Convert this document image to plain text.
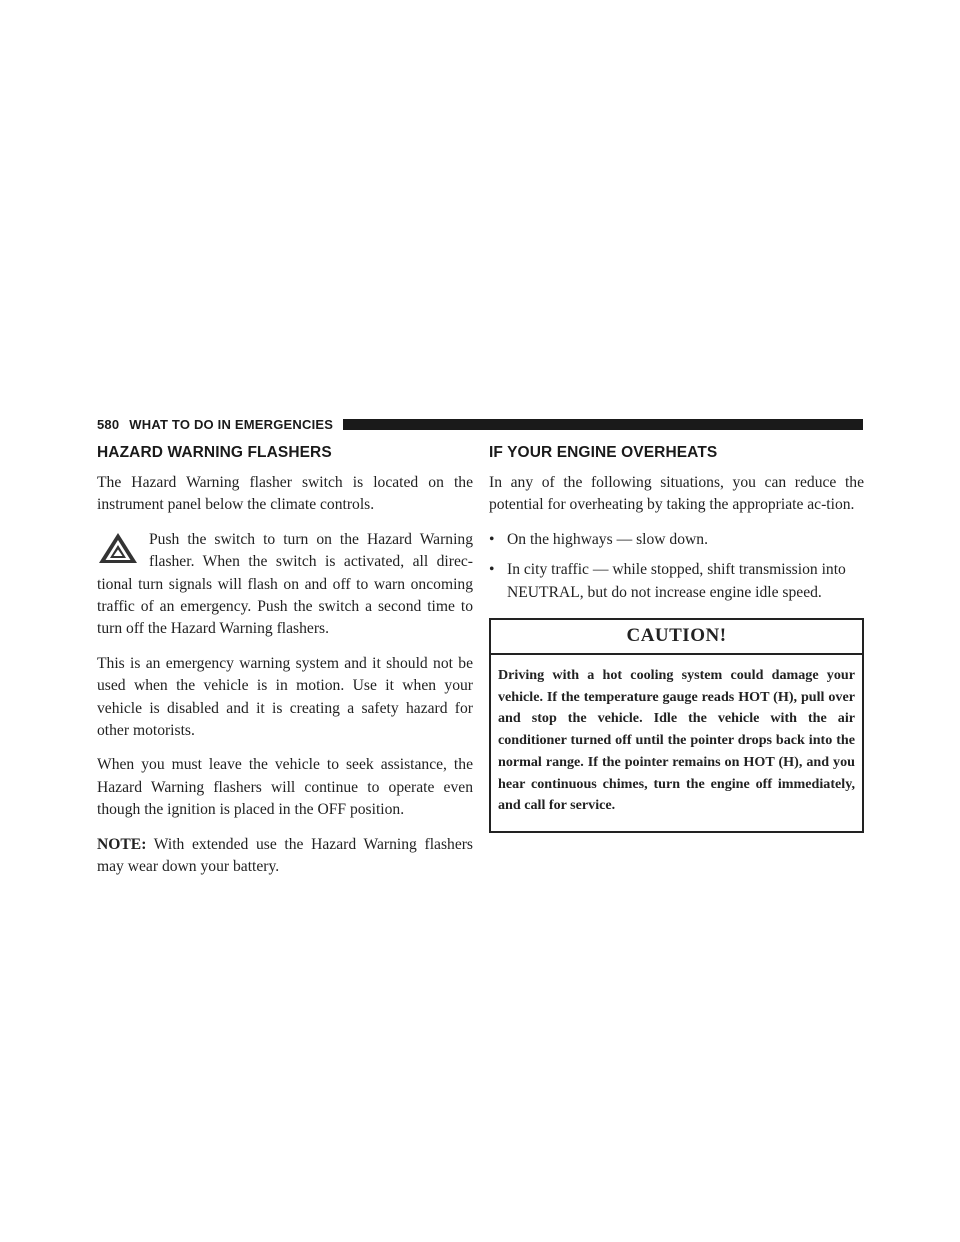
580 WHAT TO DO IN EMERGENCIES
HAZARD WARNING FLASHERS

The Hazard Warning flasher switch is located on the instrument panel below the climate controls.

Push the switch to turn on the Hazard Warning flasher. When the switch is activated, all direc-tional turn signals will flash on and off to warn oncoming traffic of an emergency. Push the switch a second time to turn off the Hazard Warning flashers.

This is an emergency warning system and it should not be used when the vehicle is in motion. Use it when your vehicle is disabled and it is creating a safety hazard for other motorists.

When you must leave the vehicle to seek assistance, the Hazard Warning flashers will continue to operate even though the ignition is placed in the OFF position.

NOTE: With extended use the Hazard Warning flashers may wear down your battery.

IF YOUR ENGINE OVERHEATS

In any of the following situations, you can reduce the potential for overheating by taking the appropriate ac-tion.

• On the highways — slow down.
• In city traffic — while stopped, shift transmission into NEUTRAL, but do not increase engine idle speed.
CAUTION!
Driving with a hot cooling system could damage your vehicle. If the temperature gauge reads HOT (H), pull over and stop the vehicle. Idle the vehicle with the air conditioner turned off until the pointer drops back into the normal range. If the pointer remains on HOT (H), and you hear continuous chimes, turn the engine off immediately, and call for service.
